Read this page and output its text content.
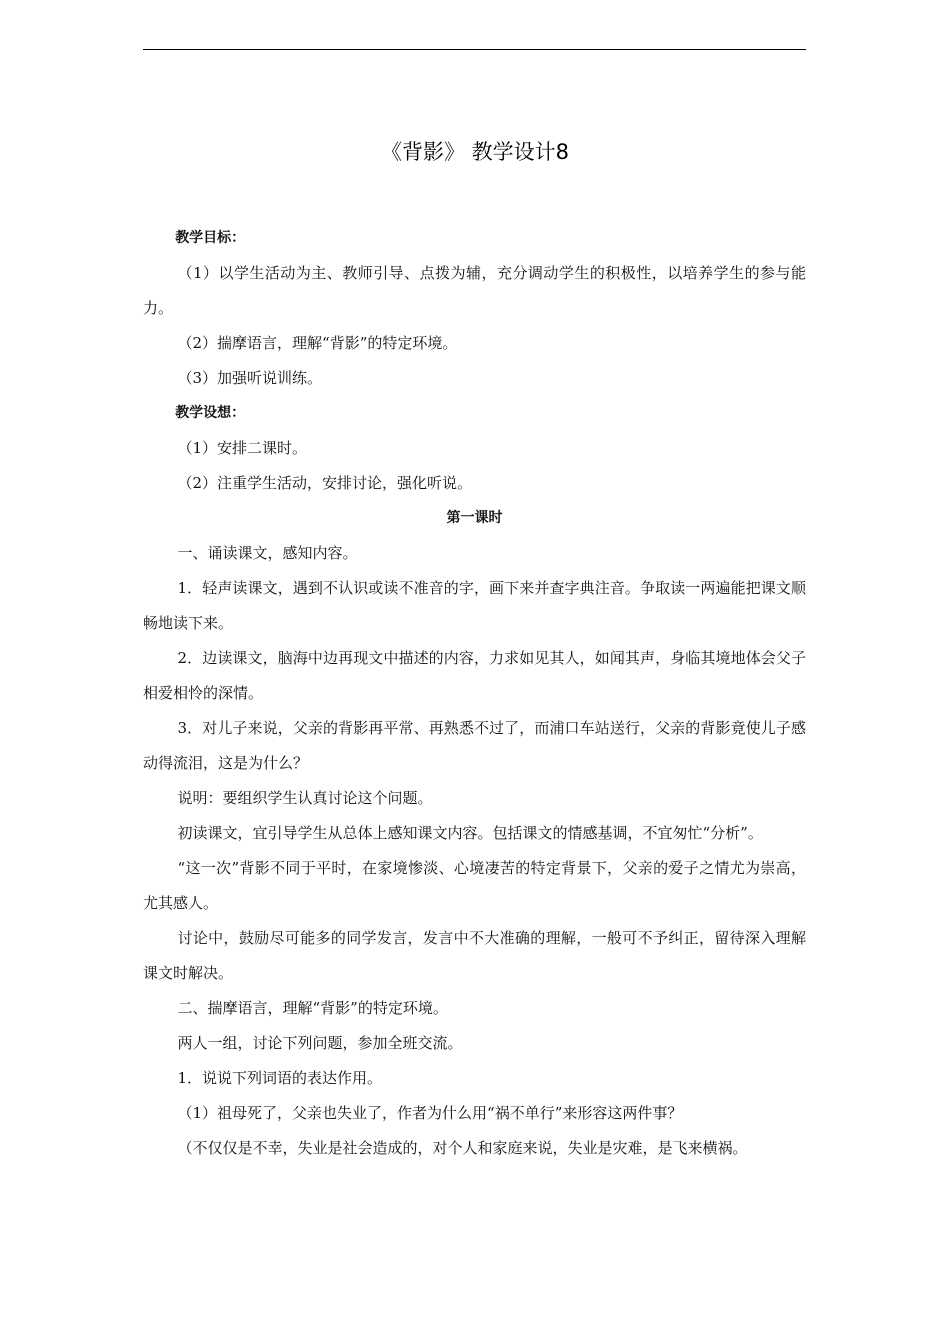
《背影》 教学设计8

教学目标：

（1）以学生活动为主、教师引导、点拨为辅，充分调动学生的积极性，以培养学生的参与能力。

（2）揣摩语言，理解“背影”的特定环境。

（3）加强听说训练。

教学设想：

（1）安排二课时。

（2）注重学生活动，安排讨论，强化听说。

第一课时

一、诵读课文，感知内容。

1．轻声读课文，遇到不认识或读不准音的字，画下来并查字典注音。争取读一两遍能把课文顺畅地读下来。

2．边读课文，脑海中边再现文中描述的内容，力求如见其人，如闻其声，身临其境地体会父子相爱相怜的深情。

3．对儿子来说，父亲的背影再平常、再熟悉不过了，而浦口车站送行，父亲的背影竟使儿子感动得流泪，这是为什么？

说明：要组织学生认真讨论这个问题。

初读课文，宜引导学生从总体上感知课文内容。包括课文的情感基调，不宜匆忙“分析”。

“这一次”背影不同于平时，在家境惨淡、心境凄苦的特定背景下，父亲的爱子之情尤为崇高，尤其感人。

讨论中，鼓励尽可能多的同学发言，发言中不大准确的理解，一般可不予纠正，留待深入理解课文时解决。

二、揣摩语言，理解“背影”的特定环境。

两人一组，讨论下列问题，参加全班交流。

1．说说下列词语的表达作用。

（1）祖母死了，父亲也失业了，作者为什么用“祸不单行”来形容这两件事？

（不仅仅是不幸，失业是社会造成的，对个人和家庭来说，失业是灾难，是飞来横祸。
